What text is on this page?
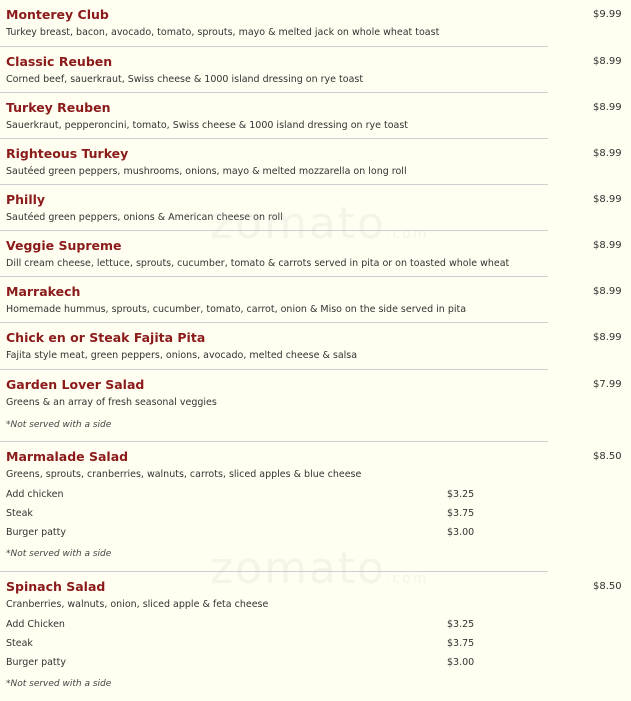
Monterey Club	$9.99
Turkey breast, bacon, avocado, tomato, sprouts, mayo & melted jack on whole wheat toast
Classic Reuben	$8.99
Corned beef, sauerkraut, Swiss cheese & 1000 island dressing on rye toast
Turkey Reuben	$8.99
Sauerkraut, pepperoncini, tomato, Swiss cheese & 1000 island dressing on rye toast
Righteous Turkey	$8.99
Sautéed green peppers, mushrooms, onions, mayo & melted mozzarella on long roll
Philly	$8.99
Sautéed green peppers, onions & American cheese on roll
Veggie Supreme	$8.99
Dill cream cheese, lettuce, sprouts, cucumber, tomato & carrots served in pita or on toasted whole wheat
Marrakech	$8.99
Homemade hummus, sprouts, cucumber, tomato, carrot, onion & Miso on the side served in pita
Chick en or Steak Fajita Pita	$8.99
Fajita style meat, green peppers, onions, avocado, melted cheese & salsa
Garden Lover Salad	$7.99
Greens & an array of fresh seasonal veggies
*Not served with a side
Marmalade Salad	$8.50
Greens, sprouts, cranberries, walnuts, carrots, sliced apples & blue cheese
Add chicken	$3.25
Steak	$3.75
Burger patty	$3.00
*Not served with a side
Spinach Salad	$8.50
Cranberries, walnuts, onion, sliced apple & feta cheese
Add Chicken	$3.25
Steak	$3.75
Burger patty	$3.00
*Not served with a side
zomato.com
zomato.com
